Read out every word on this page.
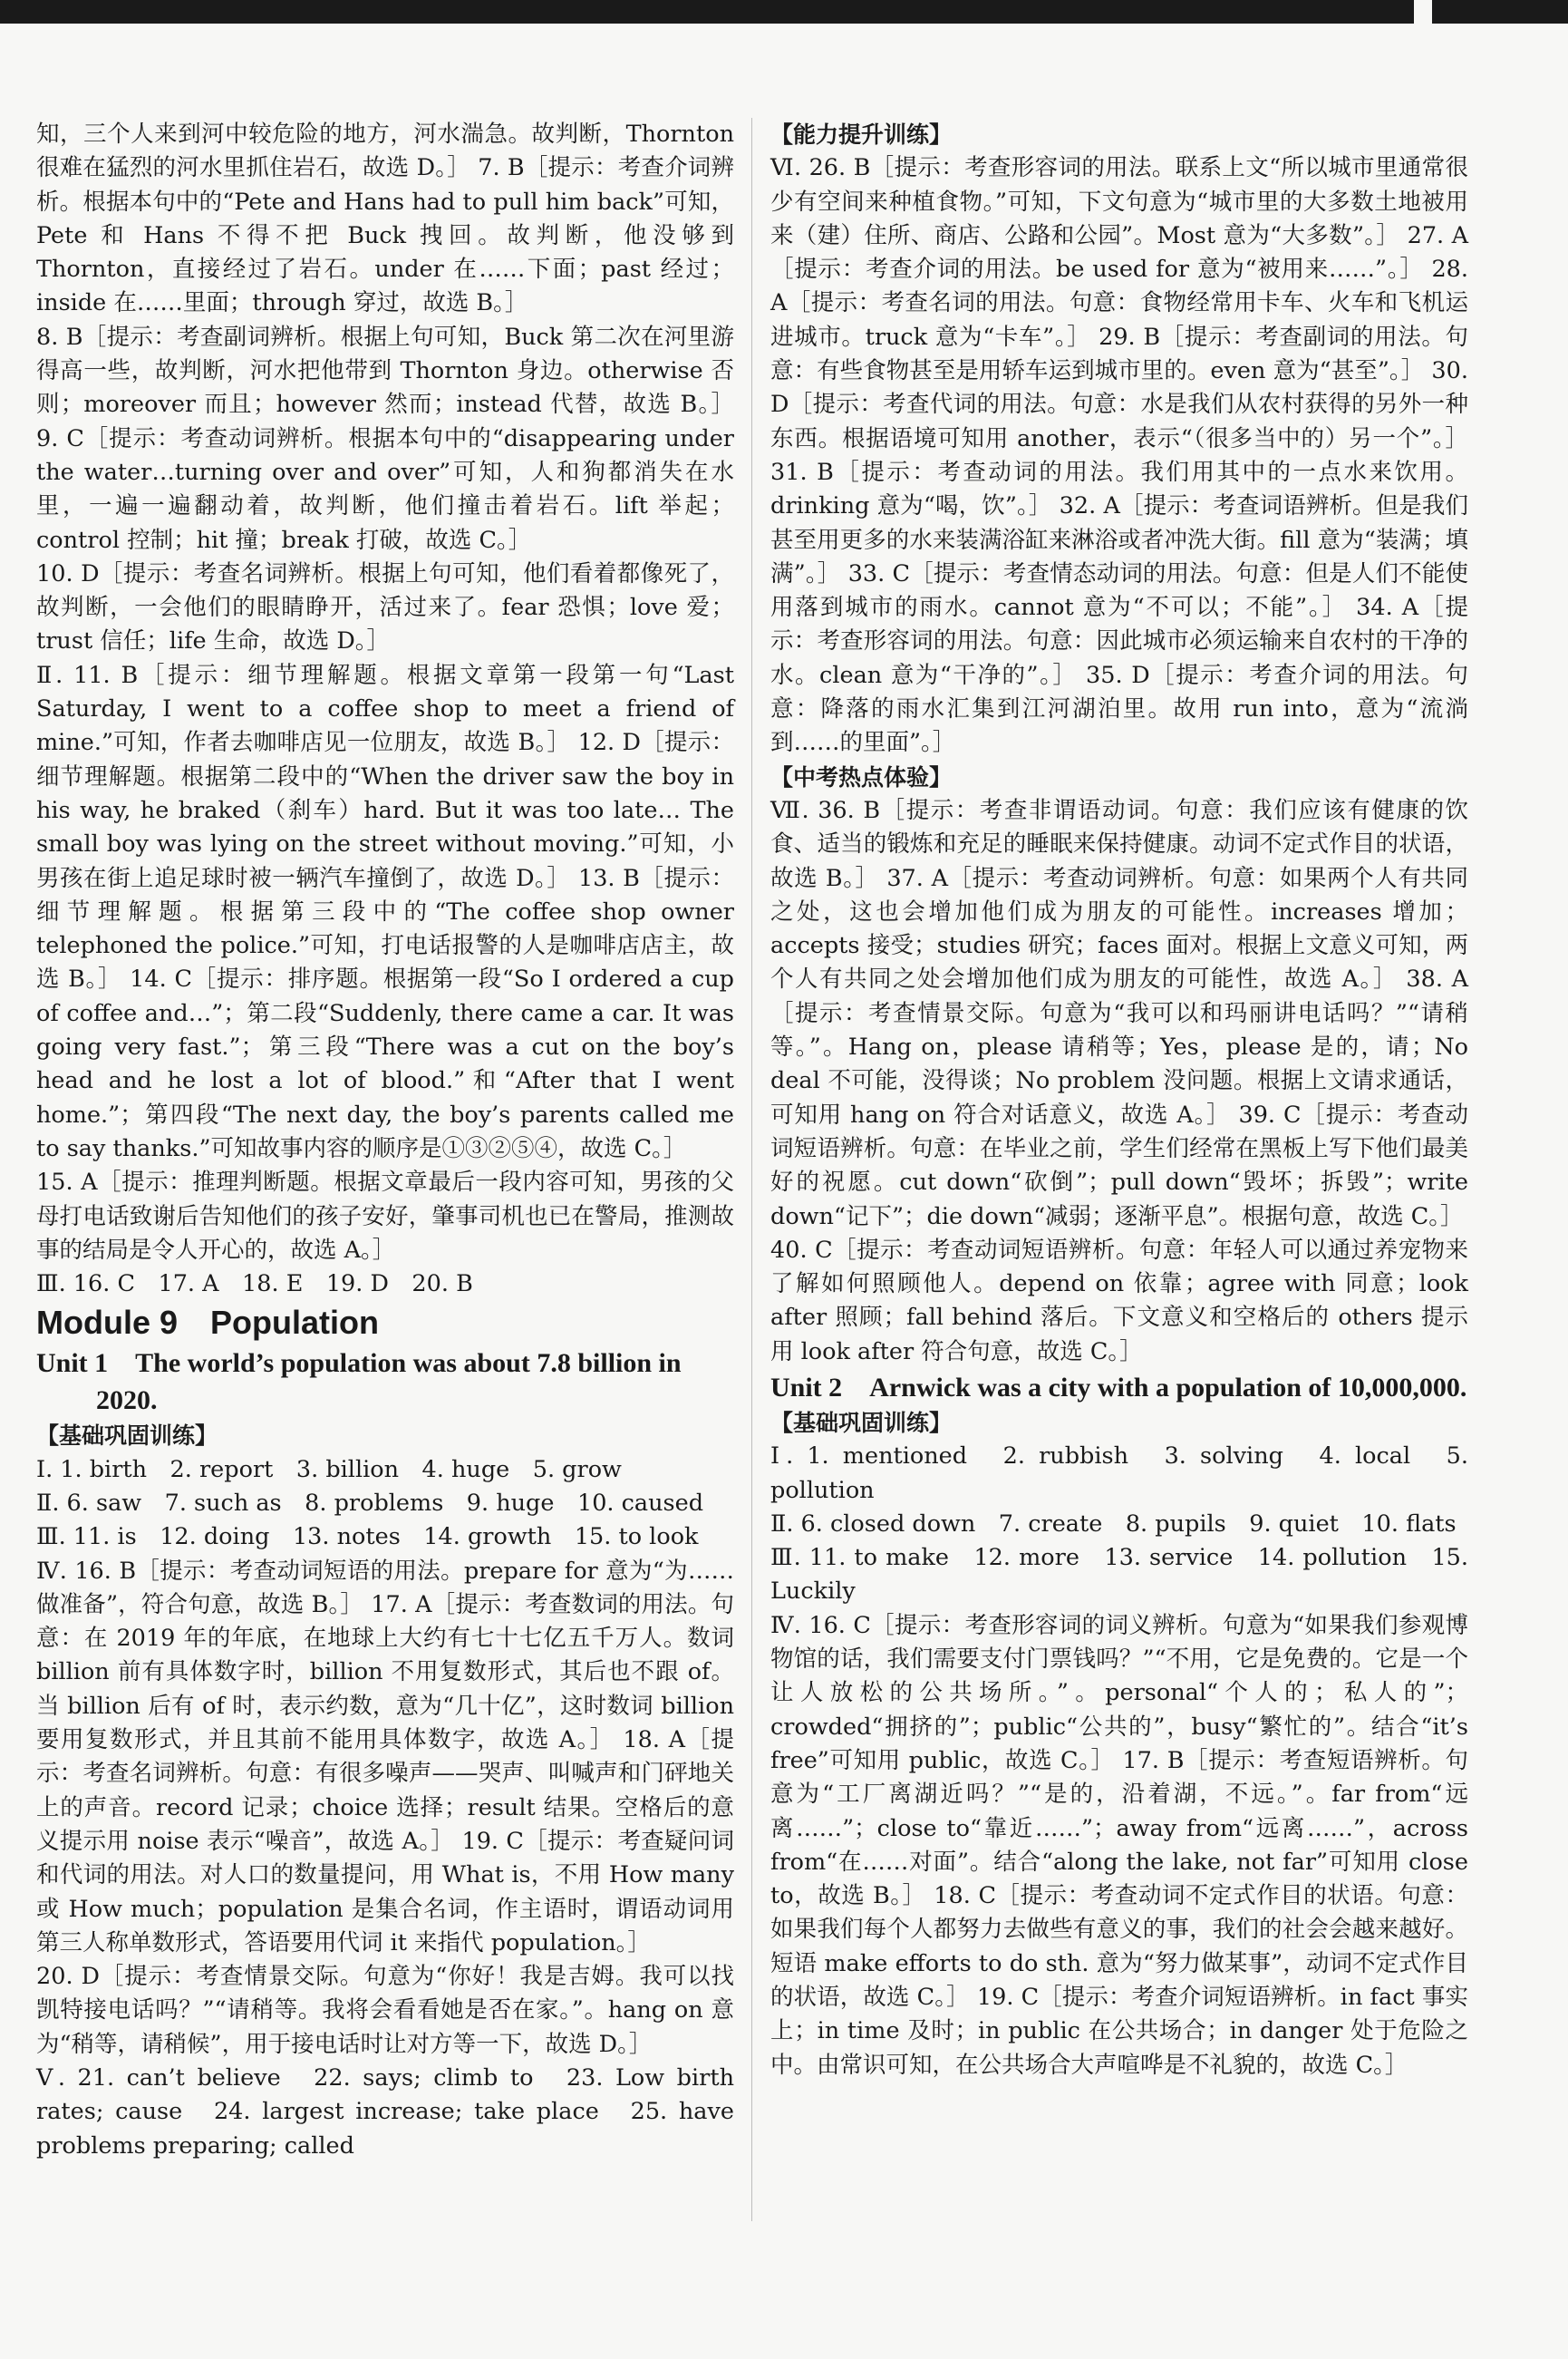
知，三个人来到河中较危险的地方，河水湍急。故判断，Thornton 很难在猛烈的河水里抓住岩石，故选 D。］ 7. B［提示：考查介词辨析。根据本句中的“Pete and Hans had to pull him back”可知，Pete 和 Hans 不得不把 Buck 拽回。故判断，他没够到 Thornton，直接经过了岩石。under 在……下面；past 经过；inside 在……里面；through 穿过，故选 B。］

8. B［提示：考查副词辨析。根据上句可知，Buck 第二次在河里游得高一些，故判断，河水把他带到 Thornton 身边。otherwise 否则；moreover 而且；however 然而；instead 代替，故选 B。］ 9. C［提示：考查动词辨析。根据本句中的“disappearing under the water…turning over and over”可知，人和狗都消失在水里，一遍一遍翻动着，故判断，他们撞击着岩石。lift 举起；control 控制；hit 撞；break 打破，故选 C。］

10. D［提示：考查名词辨析。根据上句可知，他们看着都像死了，故判断，一会他们的眼睛睁开，活过来了。fear 恐惧；love 爱；trust 信任；life 生命，故选 D。］

Ⅱ. 11. B［提示：细节理解题。根据文章第一段第一句“Last Saturday, I went to a coffee shop to meet a friend of mine.”可知，作者去咖啡店见一位朋友，故选 B。］ 12. D［提示：细节理解题。根据第二段中的“When the driver saw the boy in his way, he braked（刹车）hard. But it was too late… The small boy was lying on the street without moving.”可知，小男孩在街上追足球时被一辆汽车撞倒了，故选 D。］ 13. B［提示：细节理解题。根据第三段中的“The coffee shop owner telephoned the police.”可知，打电话报警的人是咖啡店店主，故选 B。］ 14. C［提示：排序题。根据第一段“So I ordered a cup of coffee and…”；第二段“Suddenly, there came a car. It was going very fast.”；第三段“There was a cut on the boy’s head and he lost a lot of blood.”和“After that I went home.”；第四段“The next day, the boy’s parents called me to say thanks.”可知故事内容的顺序是①③②⑤④，故选 C。］

15. A［提示：推理判断题。根据文章最后一段内容可知，男孩的父母打电话致谢后告知他们的孩子安好，肇事司机也已在警局，推测故事的结局是令人开心的，故选 A。］

Ⅲ. 16. C　17. A　18. E　19. D　20. B

Module 9　Population

Unit 1　The world’s population was about 7.8 billion in 2020.

【基础巩固训练】

Ⅰ. 1. birth　2. report　3. billion　4. huge　5. grow

Ⅱ. 6. saw　7. such as　8. problems　9. huge　10. caused

Ⅲ. 11. is　12. doing　13. notes　14. growth　15. to look

Ⅳ. 16. B［提示：考查动词短语的用法。prepare for 意为“为……做准备”，符合句意，故选 B。］ 17. A［提示：考查数词的用法。句意：在 2019 年的年底，在地球上大约有七十七亿五千万人。数词 billion 前有具体数字时，billion 不用复数形式，其后也不跟 of。当 billion 后有 of 时，表示约数，意为“几十亿”，这时数词 billion 要用复数形式，并且其前不能用具体数字，故选 A。］ 18. A［提示：考查名词辨析。句意：有很多噪声——哭声、叫喊声和门砰地关上的声音。record 记录；choice 选择；result 结果。空格后的意义提示用 noise 表示“噪音”，故选 A。］ 19. C［提示：考查疑问词和代词的用法。对人口的数量提问，用 What is，不用 How many 或 How much；population 是集合名词，作主语时，谓语动词用第三人称单数形式，答语要用代词 it 来指代 population。］

20. D［提示：考查情景交际。句意为“你好！我是吉姆。我可以找凯特接电话吗？”“请稍等。我将会看看她是否在家。”。hang on 意为“稍等，请稍候”，用于接电话时让对方等一下，故选 D。］

Ⅴ. 21. can’t believe　22. says; climb to　23. Low birth rates; cause　24. largest increase; take place　25. have problems preparing; called

【能力提升训练】

Ⅵ. 26. B［提示：考查形容词的用法。联系上文“所以城市里通常很少有空间来种植食物。”可知，下文句意为“城市里的大多数土地被用来（建）住所、商店、公路和公园”。Most 意为“大多数”。］ 27. A［提示：考查介词的用法。be used for 意为“被用来……”。］ 28. A［提示：考查名词的用法。句意：食物经常用卡车、火车和飞机运进城市。truck 意为“卡车”。］ 29. B［提示：考查副词的用法。句意：有些食物甚至是用轿车运到城市里的。even 意为“甚至”。］ 30. D［提示：考查代词的用法。句意：水是我们从农村获得的另外一种东西。根据语境可知用 another，表示“（很多当中的）另一个”。］ 31. B［提示：考查动词的用法。我们用其中的一点水来饮用。drinking 意为“喝，饮”。］ 32. A［提示：考查词语辨析。但是我们甚至用更多的水来装满浴缸来淋浴或者冲洗大街。fill 意为“装满；填满”。］ 33. C［提示：考查情态动词的用法。句意：但是人们不能使用落到城市的雨水。cannot 意为“不可以；不能”。］ 34. A［提示：考查形容词的用法。句意：因此城市必须运输来自农村的干净的水。clean 意为“干净的”。］ 35. D［提示：考查介词的用法。句意：降落的雨水汇集到江河湖泊里。故用 run into，意为“流淌到……的里面”。］

【中考热点体验】

Ⅶ. 36. B［提示：考查非谓语动词。句意：我们应该有健康的饮食、适当的锻炼和充足的睡眠来保持健康。动词不定式作目的状语，故选 B。］ 37. A［提示：考查动词辨析。句意：如果两个人有共同之处，这也会增加他们成为朋友的可能性。increases 增加；accepts 接受；studies 研究；faces 面对。根据上文意义可知，两个人有共同之处会增加他们成为朋友的可能性，故选 A。］ 38. A［提示：考查情景交际。句意为“我可以和玛丽讲电话吗？”“请稍等。”。Hang on，please 请稍等；Yes，please 是的，请；No deal 不可能，没得谈；No problem 没问题。根据上文请求通话，可知用 hang on 符合对话意义，故选 A。］ 39. C［提示：考查动词短语辨析。句意：在毕业之前，学生们经常在黑板上写下他们最美好的祝愿。cut down“砍倒”；pull down“毁坏；拆毁”；write down“记下”；die down“减弱；逐渐平息”。根据句意，故选 C。］

40. C［提示：考查动词短语辨析。句意：年轻人可以通过养宠物来了解如何照顾他人。depend on 依靠；agree with 同意；look after 照顾；fall behind 落后。下文意义和空格后的 others 提示用 look after 符合句意，故选 C。］

Unit 2　Arnwick was a city with a population of 10,000,000.

【基础巩固训练】

Ⅰ. 1. mentioned　2. rubbish　3. solving　4. local　5. pollution

Ⅱ. 6. closed down　7. create　8. pupils　9. quiet　10. flats

Ⅲ. 11. to make　12. more　13. service　14. pollution　15. Luckily

Ⅳ. 16. C［提示：考查形容词的词义辨析。句意为“如果我们参观博物馆的话，我们需要支付门票钱吗？”“不用，它是免费的。它是一个让人放松的公共场所。”。personal“个人的；私人的”；crowded“拥挤的”；public“公共的”，busy“繁忙的”。结合“it’s free”可知用 public，故选 C。］ 17. B［提示：考查短语辨析。句意为“工厂离湖近吗？”“是的，沿着湖，不远。”。far from“远离……”；close to“靠近……”；away from“远离……”，across from“在……对面”。结合“along the lake, not far”可知用 close to，故选 B。］ 18. C［提示：考查动词不定式作目的状语。句意：如果我们每个人都努力去做些有意义的事，我们的社会会越来越好。短语 make efforts to do sth. 意为“努力做某事”，动词不定式作目的状语，故选 C。］ 19. C［提示：考查介词短语辨析。in fact 事实上；in time 及时；in public 在公共场合；in danger 处于危险之中。由常识可知，在公共场合大声喧哗是不礼貌的，故选 C。］
